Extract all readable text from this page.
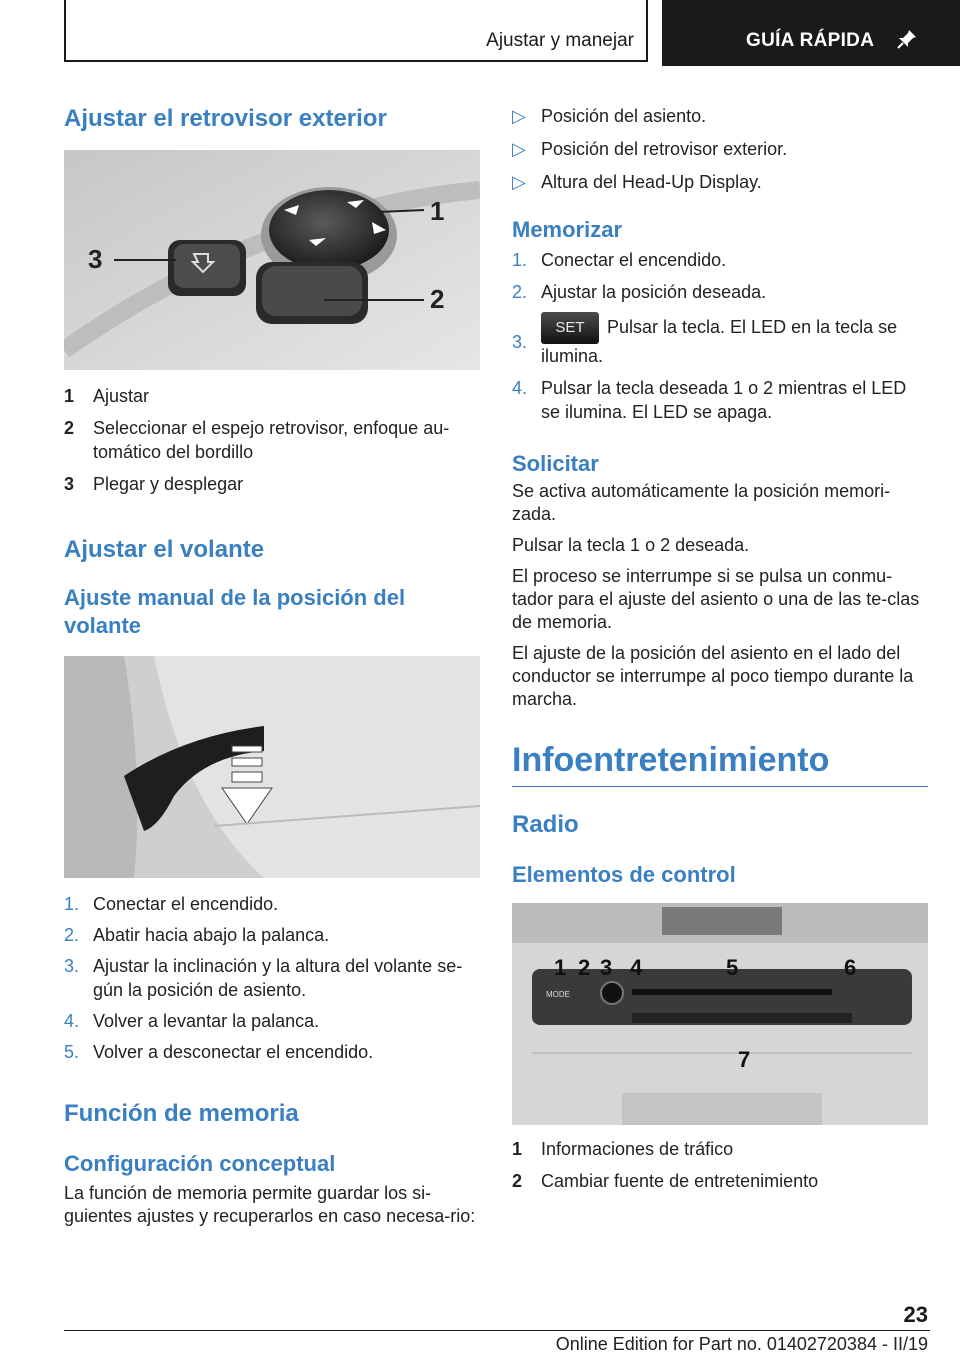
Ajustar y manejar	GUÍA RÁPIDA
Ajustar el retrovisor exterior
1
2
3
1 Ajustar
2 Seleccionar el espejo retrovisor, enfoque au‐tomático del bordillo
3 Plegar y desplegar
Ajustar el volante
Ajuste manual de la posición del volante
1. Conectar el encendido.
2. Abatir hacia abajo la palanca.
3. Ajustar la inclinación y la altura del volante se‐gún la posición de asiento.
4. Volver a levantar la palanca.
5. Volver a desconectar el encendido.
Función de memoria
Configuración conceptual

La función de memoria permite guardar los si‐guientes ajustes y recuperarlos en caso necesa‐rio:

▷ Posición del asiento.
▷ Posición del retrovisor exterior.
▷ Altura del Head-Up Display.
Memorizar
1. Conectar el encendido.
2. Ajustar la posición deseada.
3.
SET Pulsar la tecla. El LED en la tecla se ilumina.
4. Pulsar la tecla deseada 1 o 2 mientras el LED se ilumina. El LED se apaga.
Solicitar

Se activa automáticamente la posición memori‐zada.

Pulsar la tecla 1 o 2 deseada.

El proceso se interrumpe si se pulsa un conmu‐tador para el ajuste del asiento o una de las te‐clas de memoria.

El ajuste de la posición del asiento en el lado del conductor se interrumpe al poco tiempo durante la marcha.

Infoentretenimiento
Radio
Elementos de control
MODE
1 2 3 4	5	6
7
1 Informaciones de tráfico
2 Cambiar fuente de entretenimiento
23
Online Edition for Part no. 01402720384 - II/19
